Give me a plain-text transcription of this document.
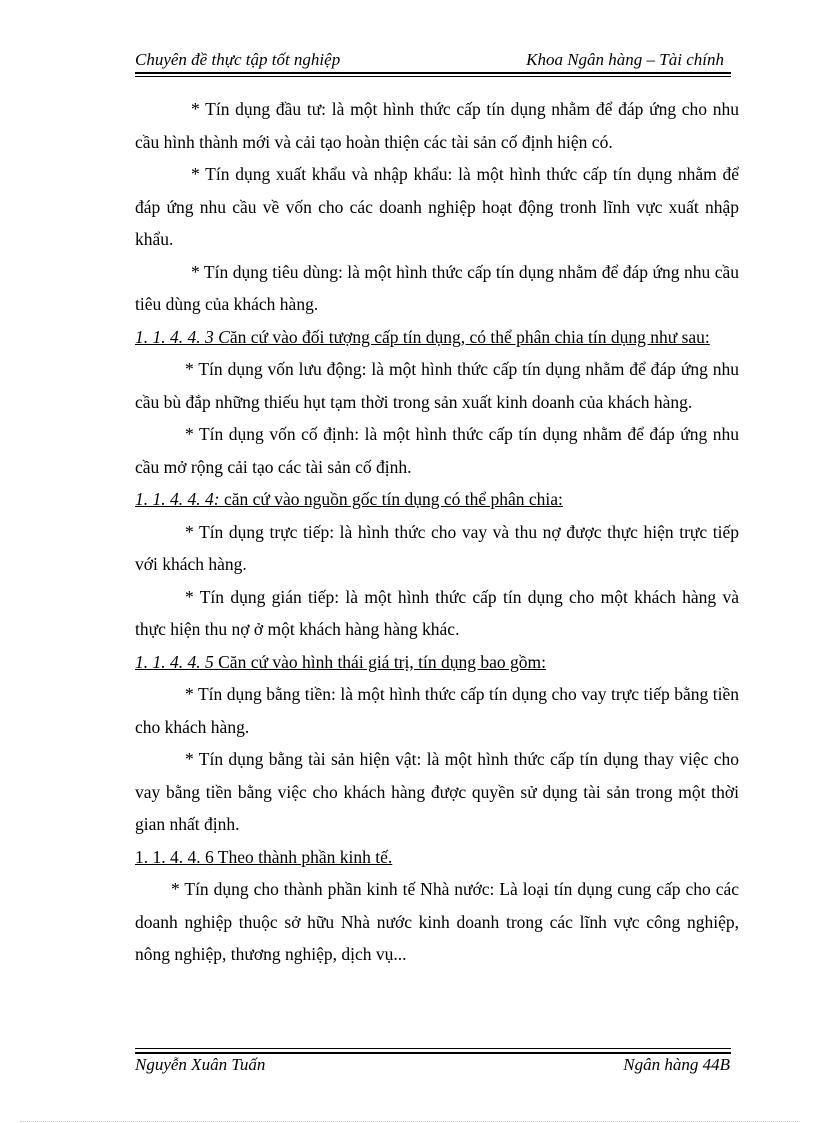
Chuyên đề thực tập tốt nghiệp	Khoa Ngân hàng – Tài chính

* Tín dụng đầu tư: là một hình thức cấp tín dụng nhằm để đáp ứng cho nhu cầu hình thành mới và cải tạo hoàn thiện các tài sản cố định hiện có.

* Tín dụng xuất khẩu và nhập khẩu: là một hình thức cấp tín dụng nhằm để đáp ứng nhu cầu về vốn cho các doanh nghiệp hoạt động tronh lĩnh vực xuất nhập khẩu.

* Tín dụng tiêu dùng: là một hình thức cấp tín dụng nhằm để đáp ứng nhu cầu tiêu dùng của khách hàng.

1. 1. 4. 4. 3 Căn cứ vào đối tượng cấp tín dụng, có thể phân chia tín dụng như sau:

* Tín dụng vốn lưu động: là một hình thức cấp tín dụng nhằm để đáp ứng nhu cầu bù đắp những thiếu hụt tạm thời trong sản xuất kinh doanh của khách hàng.

* Tín dụng vốn cố định: là một hình thức cấp tín dụng nhằm để đáp ứng nhu cầu mở rộng cải tạo các tài sản cố định.

1. 1. 4. 4. 4: căn cứ vào nguồn gốc tín dụng có thể phân chia:

* Tín dụng trực tiếp: là hình thức cho vay và thu nợ được thực hiện trực tiếp với khách hàng.

* Tín dụng gián tiếp: là một hình thức cấp tín dụng cho một khách hàng và thực hiện thu nợ ở một khách hàng hàng khác.

1. 1. 4. 4. 5 Căn cứ vào hình thái giá trị, tín dụng bao gồm:

* Tín dụng bằng tiền: là một hình thức cấp tín dụng cho vay trực tiếp bằng tiền cho khách hàng.

* Tín dụng bằng tài sản hiện vật: là một hình thức cấp tín dụng thay việc cho vay bằng tiền bằng việc cho khách hàng được quyền sử dụng tài sản trong một thời gian nhất định.

1. 1. 4. 4. 6 Theo thành phần kinh tế.

* Tín dụng cho thành phần kinh tế Nhà nước: Là loại tín dụng cung cấp cho các doanh nghiệp thuộc sở hữu Nhà nước kinh doanh trong các lĩnh vực công nghiệp, nông nghiệp, thương nghiệp, dịch vụ...

Nguyễn Xuân Tuấn	Ngân hàng 44B
